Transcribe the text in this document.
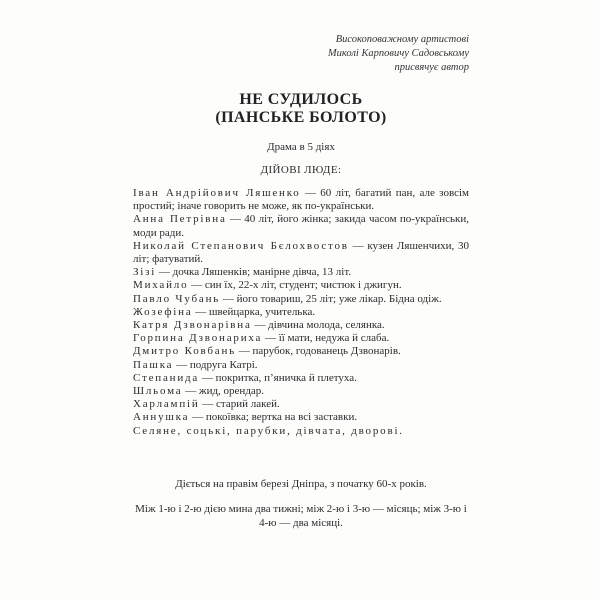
Високоповажному артистові
Миколі Карповичу Садовському
присвячує автор
НЕ СУДИЛОСЬ
(ПАНСЬКЕ БОЛОТО)
Драма в 5 діях
ДІЙОВІ ЛЮДЕ:

Іван Андрійович Ляшенко — 60 літ, багатий пан, але зовсім простий; іначе говорить не може, як по-українськи.

Анна Петрівна — 40 літ, його жінка; закида часом по-українськи, моди ради.

Николай Степанович Бєлохвостов — кузен Ляшенчихи, 30 літ; фатуватий.

Зізі — дочка Ляшенків; манірне дівча, 13 літ.

Михайло — син їх, 22-х літ, студент; чистюк і джигун.

Павло Чубань — його товариш, 25 літ; уже лікар. Бідна одіж.

Жозефіна — швейцарка, учителька.

Катря Дзвонарівна — дівчина молода, селянка.

Горпина Дзвонариха — її мати, недужа й слаба.

Дмитро Ковбань — парубок, годованець Дзвонарів.

Пашка — подруга Катрі.

Степанида — покритка, п’яничка й плетуха.

Шльома — жид, орендар.

Харлампій — старий лакей.

Аннушка — покоївка; вертка на всі заставки.

Селяне, соцькі, парубки, дівчата, дворові.

Діється на правім березі Дніпра, з початку 60-х років.
Між 1-ю і 2-ю дією мина два тижні; між 2-ю і 3-ю — місяць; між 3-ю і 4-ю — два місяці.
